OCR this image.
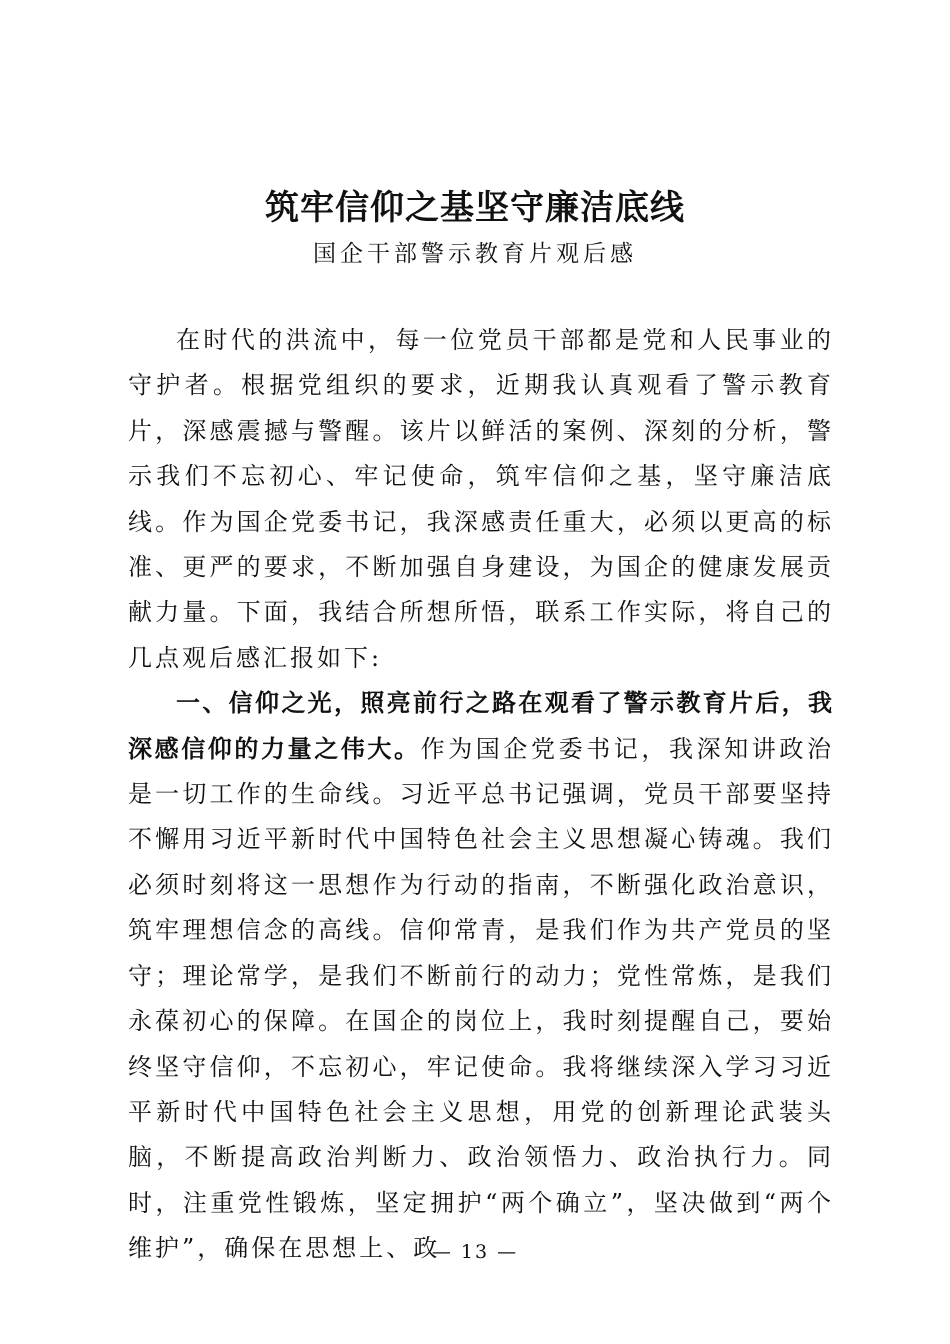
筑牢信仰之基坚守廉洁底线
国企干部警示教育片观后感

在时代的洪流中，每一位党员干部都是党和人民事业的守护者。根据党组织的要求，近期我认真观看了警示教育片，深感震撼与警醒。该片以鲜活的案例、深刻的分析，警示我们不忘初心、牢记使命，筑牢信仰之基，坚守廉洁底线。作为国企党委书记，我深感责任重大，必须以更高的标准、更严的要求，不断加强自身建设，为国企的健康发展贡献力量。下面，我结合所想所悟，联系工作实际，将自己的几点观后感汇报如下:

一、信仰之光，照亮前行之路在观看了警示教育片后，我深感信仰的力量之伟大。作为国企党委书记，我深知讲政治是一切工作的生命线。习近平总书记强调，党员干部要坚持不懈用习近平新时代中国特色社会主义思想凝心铸魂。我们必须时刻将这一思想作为行动的指南，不断强化政治意识，筑牢理想信念的高线。信仰常青，是我们作为共产党员的坚守；理论常学，是我们不断前行的动力；党性常炼，是我们永葆初心的保障。在国企的岗位上，我时刻提醒自己，要始终坚守信仰，不忘初心，牢记使命。我将继续深入学习习近平新时代中国特色社会主义思想，用党的创新理论武装头脑，不断提高政治判断力、政治领悟力、政治执行力。同时，注重党性锻炼，坚定拥护“两个确立”，坚决做到“两个维护”，确保在思想上、政

— 13 —
